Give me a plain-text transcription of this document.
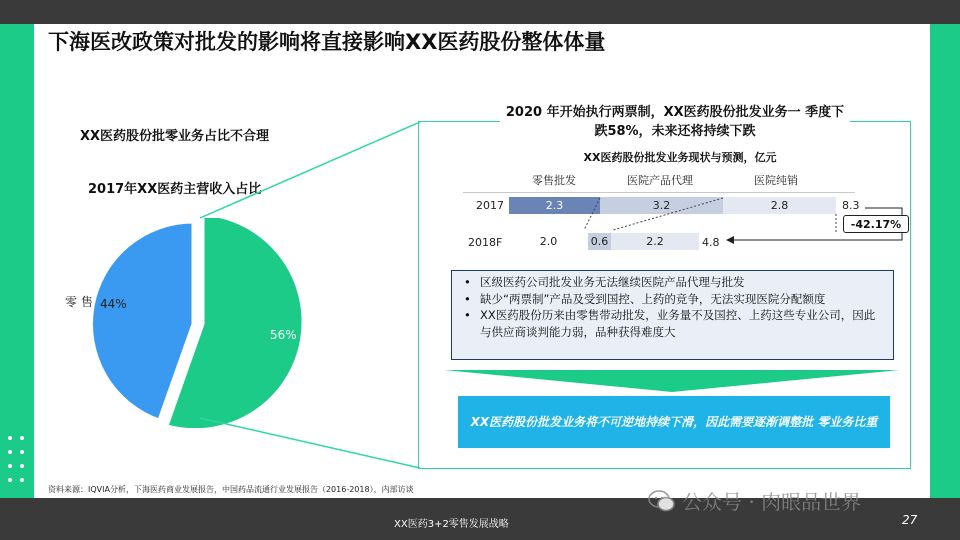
下海医改政策对批发的影响将直接影响XX医药股份整体体量
XX医药股份批零业务占比不合理
2017年XX医药主营收入占比
零 售 44%
56%
2020 年开始执行两票制，XX医药股份批发业务一 季度下跌58%，未来还将持续下跌
XX医药股份批发业务现状与预测，亿元
零售批发	医院产品代理	医院纯销
2017	2.3	3.2	2.8	8.3
2018F	2.0	0.6	2.2	4.8
-42.17%
• 区级医药公司批发业务无法继续医院产品代理与批发
• 缺少“两票制”产品及受到国控、上药的竞争，无法实现医院分配额度
• XX医药股份历来由零售带动批发，业务量不及国控、上药这些专业公司，因此与供应商谈判能力弱，品种获得难度大
XX医药股份批发业务将不可逆地持续下滑，因此需要逐渐调整批 零业务比重
资料来源：IQVIA分析，下海医药商业发展报告，中国药品流通行业发展报告（2016-2018），内部访谈
XX医药3+2零售发展战略	27
公众号 · 肉眼品世界
